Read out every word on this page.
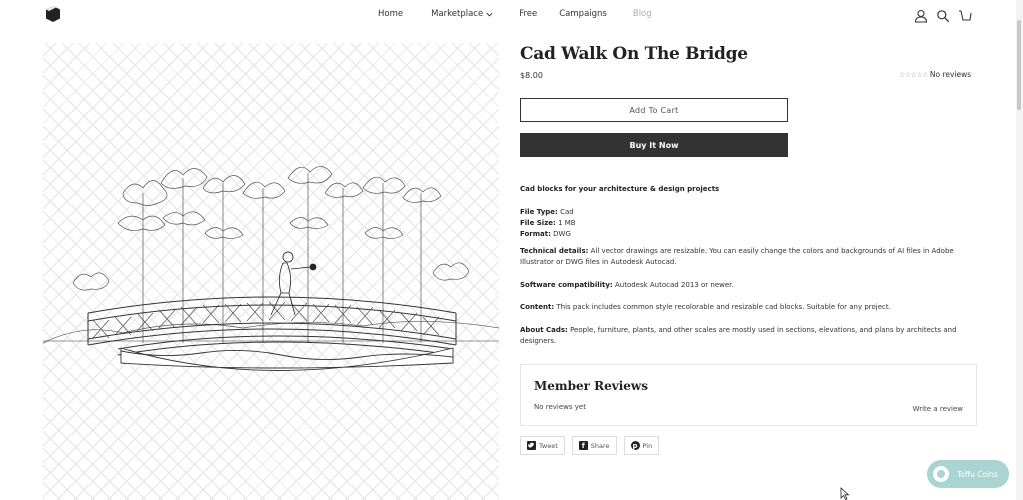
Home	Marketplace	Free	Campaigns	Blog
Cad Walk On The Bridge
$8.00	☆☆☆☆☆ No reviews
Add To Cart
Buy It Now
Cad blocks for your architecture & design projects
File Type: Cad
File Size: 1 MB
Format: DWG
Technical details: All vector drawings are resizable. You can easily change the colors and backgrounds of AI files in Adobe Illustrator or DWG files in Autodesk Autocad.
Software compatibility: Autodesk Autocad 2013 or newer.
Content: This pack includes common style recolorable and resizable cad blocks. Suitable for any project.
About Cads: People, furniture, plants, and other scales are mostly used in sections, elevations, and plans by architects and designers.
Member Reviews
No reviews yet	Write a review
Tweet	f Share	p Pin
Toffu Coins
